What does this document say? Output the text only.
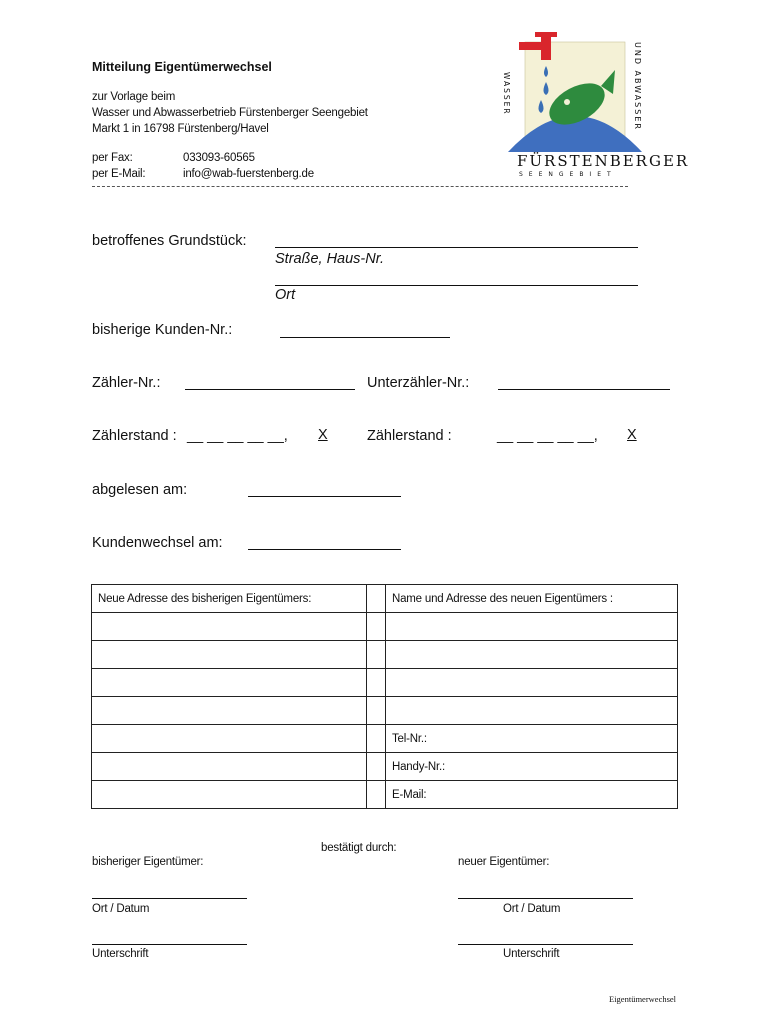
Mitteilung Eigentümerwechsel
zur Vorlage beim
Wasser und Abwasserbetrieb Fürstenberger Seengebiet
Markt 1 in 16798 Fürstenberg/Havel
per Fax:	033093-60565
per E-Mail:	info@wab-fuerstenberg.de
WASSER	UND ABWASSER
FÜRSTENBERGER
SEENGEBIET
betroffenes Grundstück:
Straße, Haus-Nr.
Ort
bisherige Kunden-Nr.:
Zähler-Nr.:	Unterzähler-Nr.:
Zählerstand : __ __ __ __ __, X	Zählerstand :	__ __ __ __ __, X
abgelesen am:
Kundenwechsel am:
Neue Adresse des bisherigen Eigentümers:		Name und Adresse des neuen Eigentümers :

		Tel-Nr.:
		Handy-Nr.:
		E-Mail:
bestätigt durch:
bisheriger Eigentümer:	neuer Eigentümer:
Ort / Datum	Ort / Datum
Unterschrift	Unterschrift
Eigentümerwechsel
